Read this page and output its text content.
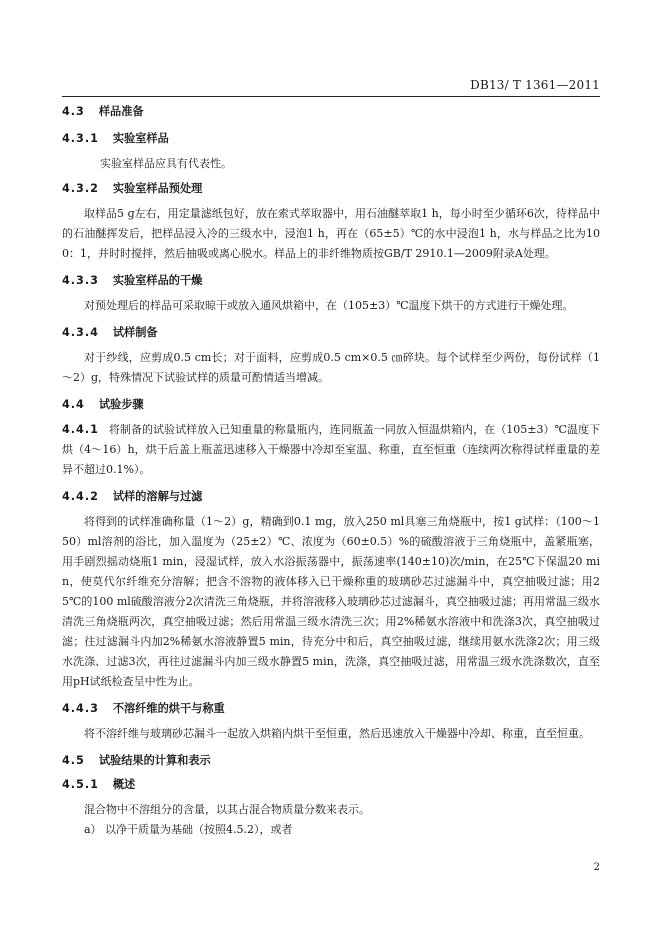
DB13/ T 1361—2011
4.3 样品准备
4.3.1 实验室样品

实验室样品应具有代表性。

4.3.2 实验室样品预处理

取样品5 g左右，用定量滤纸包好，放在索式萃取器中，用石油醚萃取1 h，每小时至少循环6次，待样品中的石油醚挥发后，把样品浸入冷的三级水中，浸泡1 h，再在（65±5）℃的水中浸泡1 h，水与样品之比为100：1，并时时搅拌，然后抽吸或离心脱水。样品上的非纤维物质按GB/T 2910.1—2009附录A处理。

4.3.3 实验室样品的干燥

对预处理后的样品可采取晾干或放入通风烘箱中，在（105±3）℃温度下烘干的方式进行干燥处理。

4.3.4 试样制备

对于纱线，应剪成0.5 cm长；对于面料，应剪成0.5 cm×0.5 ㎝碎块。每个试样至少两份，每份试样（1～2）g，特殊情况下试验试样的质量可酌情适当增减。

4.4 试验步骤

4.4.1 将制备的试验试样放入已知重量的称量瓶内，连同瓶盖一同放入恒温烘箱内，在（105±3）℃温度下烘（4～16）h，烘干后盖上瓶盖迅速移入干燥器中冷却至室温、称重，直至恒重（连续两次称得试样重量的差异不超过0.1%）。

4.4.2 试样的溶解与过滤

将得到的试样准确称量（1～2）g，精确到0.1 mg，放入250 ml具塞三角烧瓶中，按1 g试样：（100～150）ml溶剂的浴比，加入温度为（25±2）℃、浓度为（60±0.5）%的硫酸溶液于三角烧瓶中，盖紧瓶塞，用手剧烈摇动烧瓶1 min，浸湿试样，放入水浴振荡器中，振荡速率(140±10)次/min，在25℃下保温20 min，使莫代尔纤维充分溶解；把含不溶物的液体移入已干燥称重的玻璃砂芯过滤漏斗中，真空抽吸过滤；用25℃的100 ml硫酸溶液分2次清洗三角烧瓶，并将溶液移入玻璃砂芯过滤漏斗，真空抽吸过滤；再用常温三级水清洗三角烧瓶两次，真空抽吸过滤；然后用常温三级水清洗三次；用2%稀氨水溶液中和洗涤3次，真空抽吸过滤；往过滤漏斗内加2%稀氨水溶液静置5 min，待充分中和后，真空抽吸过滤，继续用氨水洗涤2次；用三级水洗涤、过滤3次，再往过滤漏斗内加三级水静置5 min，洗涤，真空抽吸过滤，用常温三级水洗涤数次，直至用pH试纸检查呈中性为止。

4.4.3 不溶纤维的烘干与称重

将不溶纤维与玻璃砂芯漏斗一起放入烘箱内烘干至恒重，然后迅速放入干燥器中冷却、称重，直至恒重。

4.5 试验结果的计算和表示
4.5.1 概述

混合物中不溶组分的含量，以其占混合物质量分数来表示。

a） 以净干质量为基础（按照4.5.2），或者

2
